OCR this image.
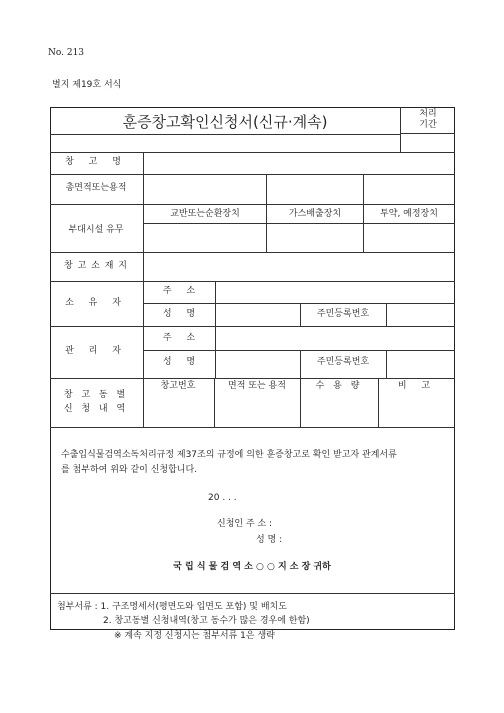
No. 213
별지 제19호 서식
훈증창고확인신청서(신규·계속)	처리
기간
창 고 명
총면적또는용적
부대시설 유무
교반또는순환장치	가스배출장치	투약, 예정장치
창 고 소 재 지
소 유 자
주 소
성 명	주민등록번호
관 리 자
주 소
성 명	주민등록번호
창 고 동 별
신 청 내 역
창고번호	면적 또는 용적	수 용 량	비 고
수출입식물검역소독처리규정 제37조의 규정에 의한 훈증창고로 확인 받고자 관계서류
를 첨부하여 위와 같이 신청합니다.
20 . . .
신청인 주 소 :
성 명 :
국 립 식 물 검 역 소 ○ ○ 지 소 장 귀하
첨부서류 : 1. 구조명세서(평면도와 입면도 포함) 및 배치도
2. 창고동별 신청내역(창고 동수가 많은 경우에 한함)
※ 계속 지정 신청시는 첨부서류 1은 생략
